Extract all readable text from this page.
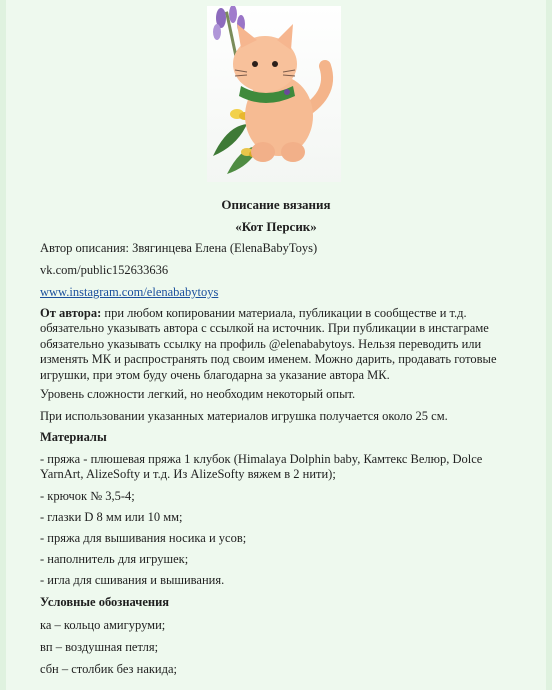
Описание вязания
«Кот Персик»
Автор описания: Звягинцева Елена (ElenaBabyToys)
vk.com/public152633636
www.instagram.com/elenababytoys
От автора: при любом копировании материала, публикации в сообществе и т.д. обязательно указывать автора с ссылкой на источник. При публикации в инстаграме обязательно указывать ссылку на профиль @elenababytoys. Нельзя переводить или изменять МК и распространять под своим именем. Можно дарить, продавать готовые игрушки, при этом буду очень благодарна за указание автора МК.
Уровень сложности легкий, но необходим некоторый опыт.
При использовании указанных материалов игрушка получается около 25 см.
Материалы
- пряжа - плюшевая пряжа 1 клубок (Himalaya Dolphin baby, Камтекс Велюр, Dolce YarnArt, AlizeSofty и т.д. Из AlizeSofty вяжем в 2 нити);
- крючок № 3,5-4;
- глазки D 8 мм или 10 мм;
- пряжа для вышивания носика и усов;
- наполнитель для игрушек;
- игла для сшивания и вышивания.
Условные обозначения
ка – кольцо амигуруми;
вп – воздушная петля;
сбн – столбик без накида;
